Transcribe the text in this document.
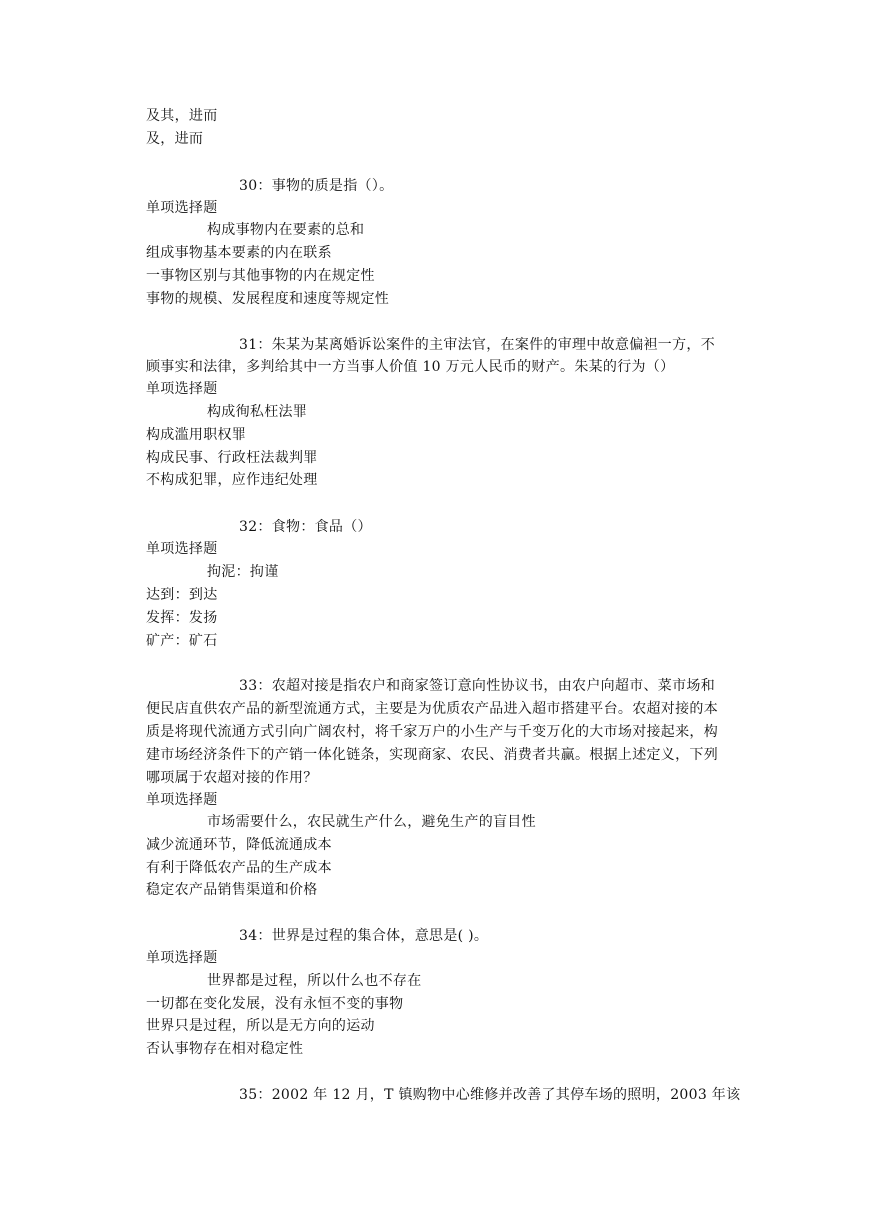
及其，进而
及，进而
30：事物的质是指（）。
单项选择题
构成事物内在要素的总和
组成事物基本要素的内在联系
一事物区别与其他事物的内在规定性
事物的规模、发展程度和速度等规定性
31：朱某为某离婚诉讼案件的主审法官，在案件的审理中故意偏袒一方，不
顾事实和法律，多判给其中一方当事人价值 10 万元人民币的财产。朱某的行为（）
单项选择题
构成徇私枉法罪
构成滥用职权罪
构成民事、行政枉法裁判罪
不构成犯罪，应作违纪处理
32：食物：食品（）
单项选择题
拘泥：拘谨
达到：到达
发挥：发扬
矿产：矿石
33：农超对接是指农户和商家签订意向性协议书，由农户向超市、菜市场和
便民店直供农产品的新型流通方式，主要是为优质农产品进入超市搭建平台。农超对接的本
质是将现代流通方式引向广阔农村，将千家万户的小生产与千变万化的大市场对接起来，构
建市场经济条件下的产销一体化链条，实现商家、农民、消费者共赢。根据上述定义，下列
哪项属于农超对接的作用？
单项选择题
市场需要什么，农民就生产什么，避免生产的盲目性
减少流通环节，降低流通成本
有利于降低农产品的生产成本
稳定农产品销售渠道和价格
34：世界是过程的集合体，意思是( )。
单项选择题
世界都是过程，所以什么也不存在
一切都在变化发展，没有永恒不变的事物
世界只是过程，所以是无方向的运动
否认事物存在相对稳定性
35：2002 年 12 月，T 镇购物中心维修并改善了其停车场的照明，2003 年该
